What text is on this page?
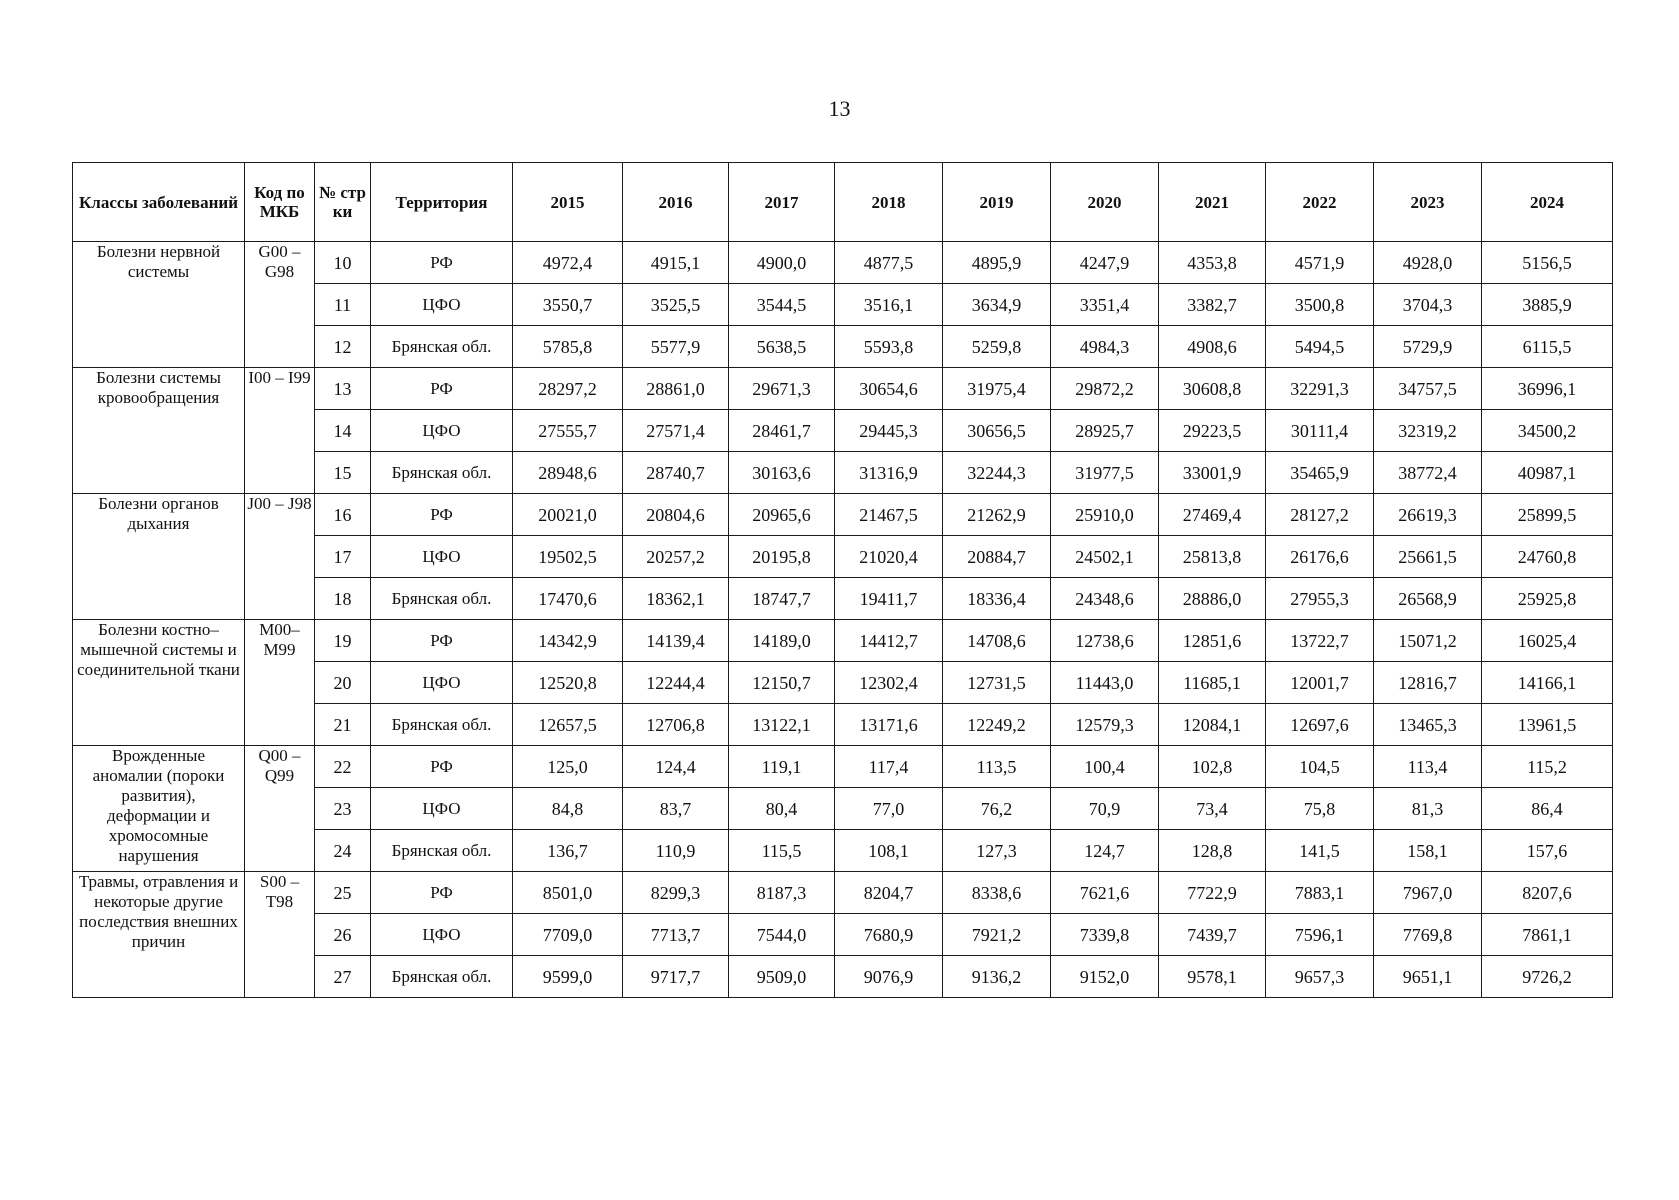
13
Классы заболеваний	Код по МКБ	№ стр ки	Территория	2015	2016	2017	2018	2019	2020	2021	2022	2023	2024
Болезни нервной системы	G00 – G98	10	РФ	4972,4	4915,1	4900,0	4877,5	4895,9	4247,9	4353,8	4571,9	4928,0	5156,5
		11	ЦФО	3550,7	3525,5	3544,5	3516,1	3634,9	3351,4	3382,7	3500,8	3704,3	3885,9
		12	Брянская обл.	5785,8	5577,9	5638,5	5593,8	5259,8	4984,3	4908,6	5494,5	5729,9	6115,5
Болезни системы кровообращения	I00 – I99	13	РФ	28297,2	28861,0	29671,3	30654,6	31975,4	29872,2	30608,8	32291,3	34757,5	36996,1
		14	ЦФО	27555,7	27571,4	28461,7	29445,3	30656,5	28925,7	29223,5	30111,4	32319,2	34500,2
		15	Брянская обл.	28948,6	28740,7	30163,6	31316,9	32244,3	31977,5	33001,9	35465,9	38772,4	40987,1
Болезни органов дыхания	J00 – J98	16	РФ	20021,0	20804,6	20965,6	21467,5	21262,9	25910,0	27469,4	28127,2	26619,3	25899,5
		17	ЦФО	19502,5	20257,2	20195,8	21020,4	20884,7	24502,1	25813,8	26176,6	25661,5	24760,8
		18	Брянская обл.	17470,6	18362,1	18747,7	19411,7	18336,4	24348,6	28886,0	27955,3	26568,9	25925,8
Болезни костно–мышечной системы и соединительной ткани	M00– M99	19	РФ	14342,9	14139,4	14189,0	14412,7	14708,6	12738,6	12851,6	13722,7	15071,2	16025,4
		20	ЦФО	12520,8	12244,4	12150,7	12302,4	12731,5	11443,0	11685,1	12001,7	12816,7	14166,1
		21	Брянская обл.	12657,5	12706,8	13122,1	13171,6	12249,2	12579,3	12084,1	12697,6	13465,3	13961,5
Врожденные аномалии (пороки развития), деформации и хромосомные нарушения	Q00 – Q99	22	РФ	125,0	124,4	119,1	117,4	113,5	100,4	102,8	104,5	113,4	115,2
		23	ЦФО	84,8	83,7	80,4	77,0	76,2	70,9	73,4	75,8	81,3	86,4
		24	Брянская обл.	136,7	110,9	115,5	108,1	127,3	124,7	128,8	141,5	158,1	157,6
Травмы, отравления и некоторые другие последствия внешних причин	S00 – T98	25	РФ	8501,0	8299,3	8187,3	8204,7	8338,6	7621,6	7722,9	7883,1	7967,0	8207,6
		26	ЦФО	7709,0	7713,7	7544,0	7680,9	7921,2	7339,8	7439,7	7596,1	7769,8	7861,1
		27	Брянская обл.	9599,0	9717,7	9509,0	9076,9	9136,2	9152,0	9578,1	9657,3	9651,1	9726,2
